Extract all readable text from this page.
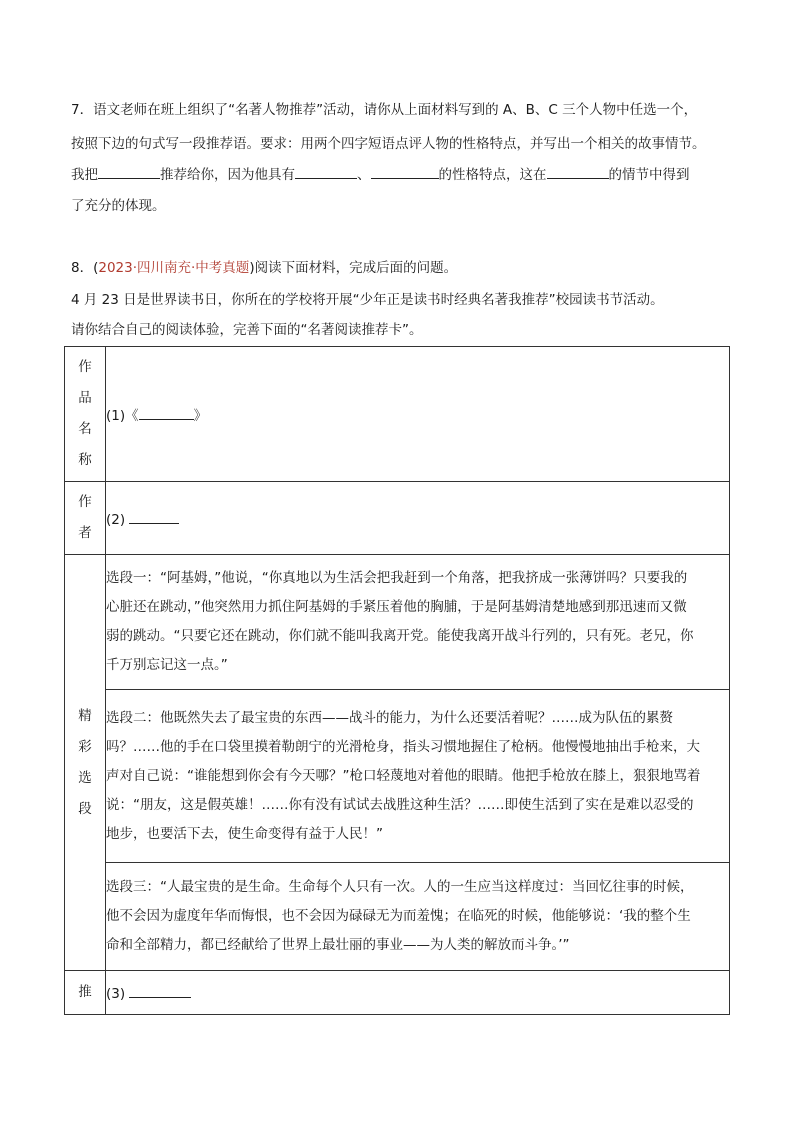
7．语文老师在班上组织了“名著人物推荐”活动，请你从上面材料写到的 A、B、C 三个人物中任选一个，

按照下边的句式写一段推荐语。要求：用两个四字短语点评人物的性格特点，并写出一个相关的故事情节。

我把	推荐给你，因为他具有	、	的性格特点，这在	的情节中得到

了充分的体现。

8．(2023·四川南充·中考真题)阅读下面材料，完成后面的问题。

4 月 23 日是世界读书日，你所在的学校将开展“少年正是读书时经典名著我推荐”校园读书节活动。

请你结合自己的阅读体验，完善下面的“名著阅读推荐卡”。

作品名称	(1)《 》
作者	(2)
精彩选段	选段一：“阿基姆，”他说，“你真地以为生活会把我赶到一个角落，把我挤成一张薄饼吗？只要我的
心脏还在跳动，”他突然用力抓住阿基姆的手紧压着他的胸脯，于是阿基姆清楚地感到那迅速而又微
弱的跳动。“只要它还在跳动，你们就不能叫我离开党。能使我离开战斗行列的，只有死。老兄，你
千万别忘记这一点。”

	选段二：他既然失去了最宝贵的东西——战斗的能力，为什么还要活着呢？……成为队伍的累赘
吗？……他的手在口袋里摸着勒朗宁的光滑枪身，指头习惯地握住了枪柄。他慢慢地抽出手枪来，大
声对自己说：“谁能想到你会有今天哪？”枪口轻蔑地对着他的眼睛。他把手枪放在膝上，狠狠地骂着
说：“朋友，这是假英雄！……你有没有试试去战胜这种生活？……即使生活到了实在是难以忍受的
地步，也要活下去，使生命变得有益于人民！”

	选段三：“人最宝贵的是生命。生命每个人只有一次。人的一生应当这样度过：当回忆往事的时候，
他不会因为虚度年华而悔恨，也不会因为碌碌无为而羞愧；在临死的时候，他能够说：‘我的整个生
命和全部精力，都已经献给了世界上最壮丽的事业——为人类的解放而斗争。’”

推	(3)
